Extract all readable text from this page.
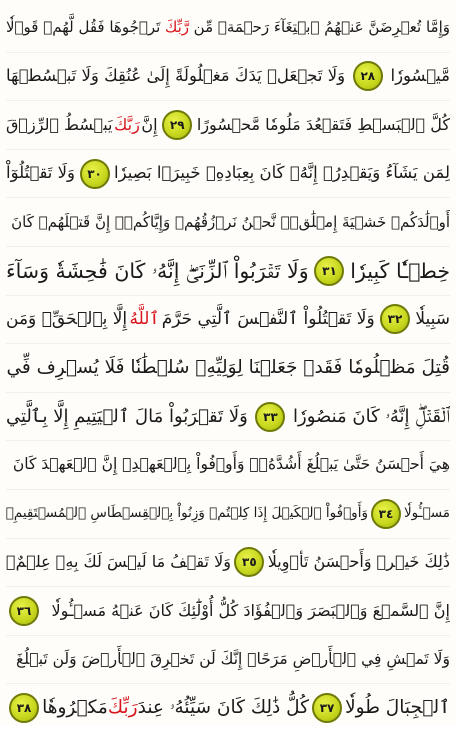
وَإِمَّا تُعۡرِضَنَّ عَنۡهُمُ ٱبۡتِغَآءَ رَحۡمَةٖ مِّن
رَّبِّكَ
تَرۡجُوهَا فَقُل لَّهُمۡ قَوۡلٗا
مَّيۡسُورٗا
٢٨
وَلَا تَجۡعَلۡ يَدَكَ مَغۡلُولَةً إِلَىٰ عُنُقِكَ وَلَا تَبۡسُطۡهَا
كُلَّ ٱلۡبَسۡطِ فَتَقۡعُدَ مَلُومٗا مَّحۡسُورًا
٢٩
إِنَّ
رَبَّكَ
يَبۡسُطُ ٱلرِّزۡقَ
لِمَن يَشَآءُ وَيَقۡدِرُۚ إِنَّهُۥ كَانَ بِعِبَادِهِۦ خَبِيرَۢا بَصِيرٗا
٣٠
وَلَا تَقۡتُلُوٓاْ
أَوۡلَٰدَكُمۡ خَشۡيَةَ إِمۡلَٰقٖۖ نَّحۡنُ نَرۡزُقُهُمۡ وَإِيَّاكُمۡۚ إِنَّ قَتۡلَهُمۡ كَانَ
خِطۡـٔٗا كَبِيرٗا
٣١
وَلَا تَقۡرَبُواْ ٱلزِّنَىٰٓۖ إِنَّهُۥ كَانَ فَٰحِشَةٗ وَسَآءَ
سَبِيلٗا
٣٢
وَلَا تَقۡتُلُواْ ٱلنَّفۡسَ ٱلَّتِي حَرَّمَ
ٱللَّهُ
إِلَّا بِٱلۡحَقِّۗ وَمَن
قُتِلَ مَظۡلُومٗا فَقَدۡ جَعَلۡنَا لِوَلِيِّهِۦ سُلۡطَٰنٗا فَلَا يُسۡرِف فِّي
ٱلۡقَتۡلِۖ إِنَّهُۥ كَانَ مَنصُورٗا
٣٣
وَلَا تَقۡرَبُواْ مَالَ ٱلۡيَتِيمِ إِلَّا بِٱلَّتِي
هِيَ أَحۡسَنُ حَتَّىٰ يَبۡلُغَ أَشُدَّهُۥۚ وَأَوۡفُواْ بِٱلۡعَهۡدِۖ إِنَّ ٱلۡعَهۡدَ كَانَ
مَسۡـُٔولٗا
٣٤
وَأَوۡفُواْ ٱلۡكَيۡلَ إِذَا كِلۡتُمۡ وَزِنُواْ بِٱلۡقِسۡطَاسِ ٱلۡمُسۡتَقِيمِۚ
ذَٰلِكَ خَيۡرٞ وَأَحۡسَنُ تَأۡوِيلٗا
٣٥
وَلَا تَقۡفُ مَا لَيۡسَ لَكَ بِهِۦ عِلۡمٌۚ
إِنَّ ٱلسَّمۡعَ وَٱلۡبَصَرَ وَٱلۡفُؤَادَ كُلُّ أُوْلَٰٓئِكَ كَانَ عَنۡهُ مَسۡـُٔولٗا
٣٦
وَلَا تَمۡشِ فِي ٱلۡأَرۡضِ مَرَحًاۖ إِنَّكَ لَن تَخۡرِقَ ٱلۡأَرۡضَ وَلَن تَبۡلُغَ
ٱلۡجِبَالَ طُولٗا
٣٧
كُلُّ ذَٰلِكَ كَانَ سَيِّئُهُۥ عِندَ
رَبِّكَ
مَكۡرُوهٗا
٣٨
